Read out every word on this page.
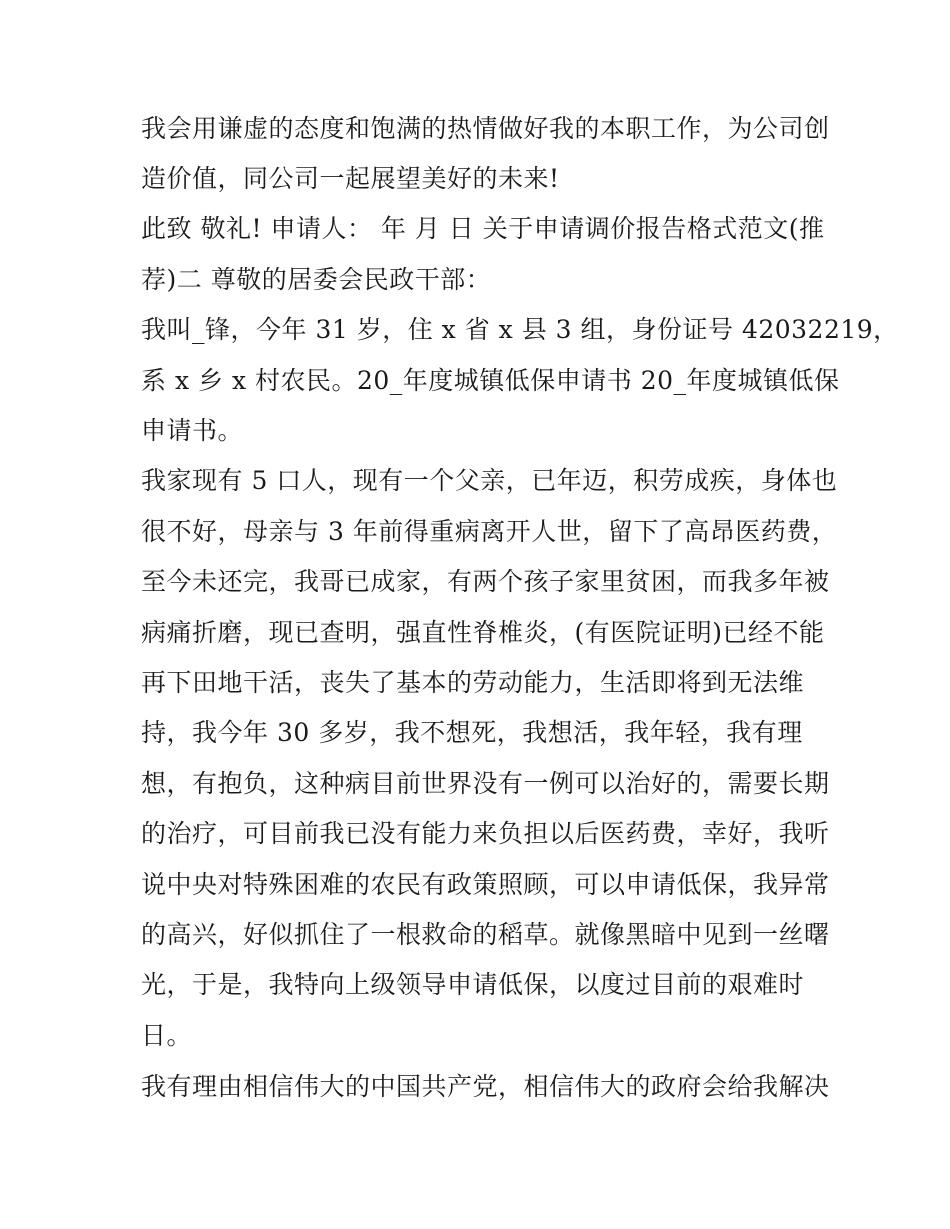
我会用谦虚的态度和饱满的热情做好我的本职工作，为公司创
造价值，同公司一起展望美好的未来!
此致 敬礼! 申请人： 年 月 日 关于申请调价报告格式范文(推
荐)二 尊敬的居委会民政干部：
我叫_锋，今年 31 岁，住 x 省 x 县 3 组，身份证号 42032219，
系 x 乡 x 村农民。20_年度城镇低保申请书 20_年度城镇低保
申请书。
我家现有 5 口人，现有一个父亲，已年迈，积劳成疾，身体也
很不好，母亲与 3 年前得重病离开人世，留下了高昂医药费，
至今未还完，我哥已成家，有两个孩子家里贫困，而我多年被
病痛折磨，现已查明，强直性脊椎炎，(有医院证明)已经不能
再下田地干活，丧失了基本的劳动能力，生活即将到无法维
持，我今年 30 多岁，我不想死，我想活，我年轻，我有理
想，有抱负，这种病目前世界没有一例可以治好的，需要长期
的治疗，可目前我已没有能力来负担以后医药费，幸好，我听
说中央对特殊困难的农民有政策照顾，可以申请低保，我异常
的高兴，好似抓住了一根救命的稻草。就像黑暗中见到一丝曙
光，于是，我特向上级领导申请低保，以度过目前的艰难时
日。
我有理由相信伟大的中国共产党，相信伟大的政府会给我解决
